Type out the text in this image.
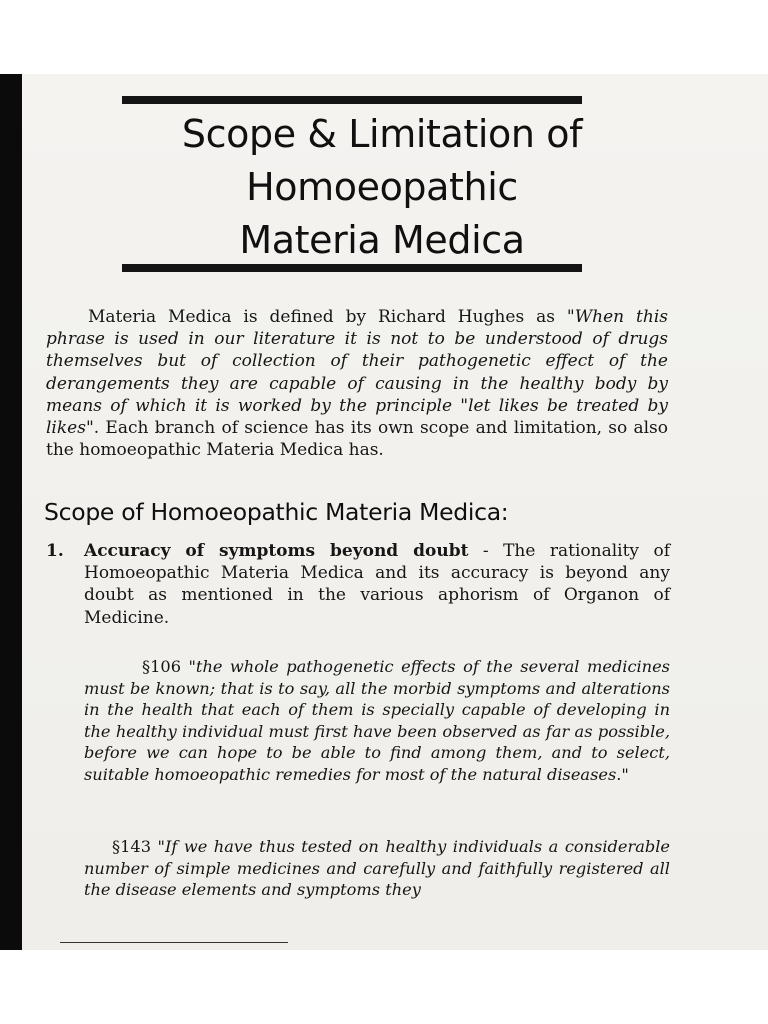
Scope & Limitation of
Homoeopathic
Materia Medica

Materia Medica is defined by Richard Hughes as "When this phrase is used in our literature it is not to be understood of drugs themselves but of collection of their pathogenetic effect of the derangements they are capable of causing in the healthy body by means of which it is worked by the principle "let likes be treated by likes". Each branch of science has its own scope and limitation, so also the homoeopathic Materia Medica has.

Scope of Homoeopathic Materia Medica:
1. Accuracy of symptoms beyond doubt - The rationality of Homoeopathic Materia Medica and its accuracy is beyond any doubt as mentioned in the various aphorism of Organon of Medicine.

§106 "the whole pathogenetic effects of the several medicines must be known; that is to say, all the morbid symptoms and alterations in the health that each of them is specially capable of developing in the healthy individual must first have been observed as far as possible, before we can hope to be able to find among them, and to select, suitable homoeopathic remedies for most of the natural diseases."

§143 "If we have thus tested on healthy individuals a considerable number of simple medicines and carefully and faithfully registered all the disease elements and symptoms they
